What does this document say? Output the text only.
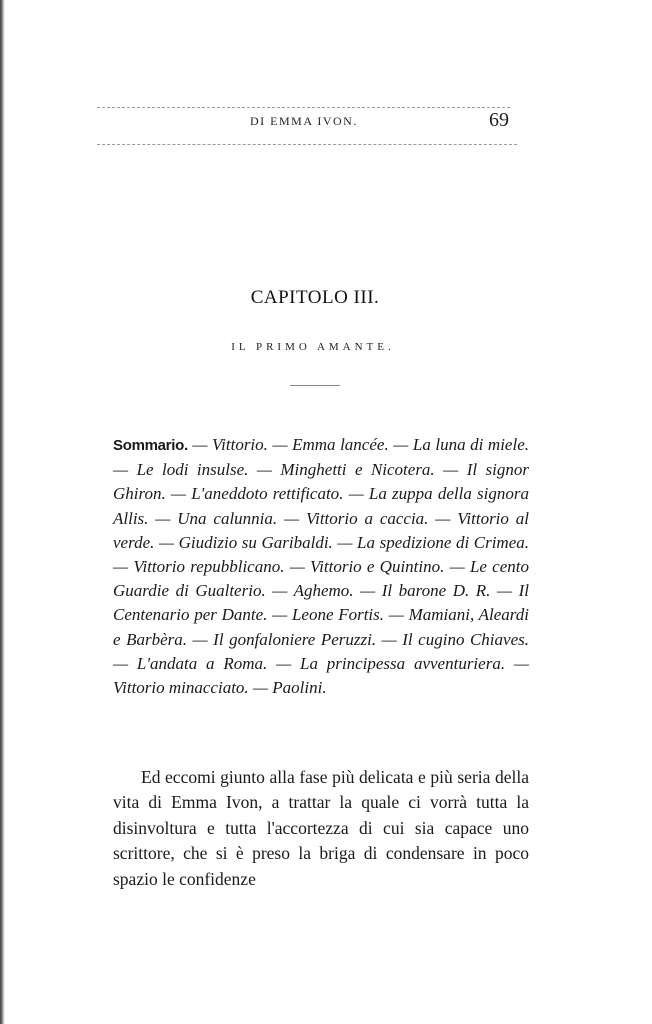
DI EMMA IVON.	69
CAPITOLO III.
IL PRIMO AMANTE.
Sommario. — Vittorio. — Emma lancée. — La luna di miele. — Le lodi insulse. — Minghetti e Nicotera. — Il signor Ghiron. — L'aneddoto rettificato. — La zuppa della signora Allis. — Una calunnia. — Vittorio a caccia. — Vittorio al verde. — Giudizio su Garibaldi. — La spedizione di Crimea. — Vittorio repubblicano. — Vittorio e Quintino. — Le cento Guardie di Gualterio. — Aghemo. — Il barone D. R. — Il Centenario per Dante. — Leone Fortis. — Mamiani, Aleardi e Barbèra. — Il gonfaloniere Peruzzi. — Il cugino Chiaves. — L'andata a Roma. — La principessa avventuriera. — Vittorio minacciato. — Paolini.

Ed eccomi giunto alla fase più delicata e più seria della vita di Emma Ivon, a trattar la quale ci vorrà tutta la disinvoltura e tutta l'accortezza di cui sia capace uno scrittore, che si è preso la briga di condensare in poco spazio le confidenze
